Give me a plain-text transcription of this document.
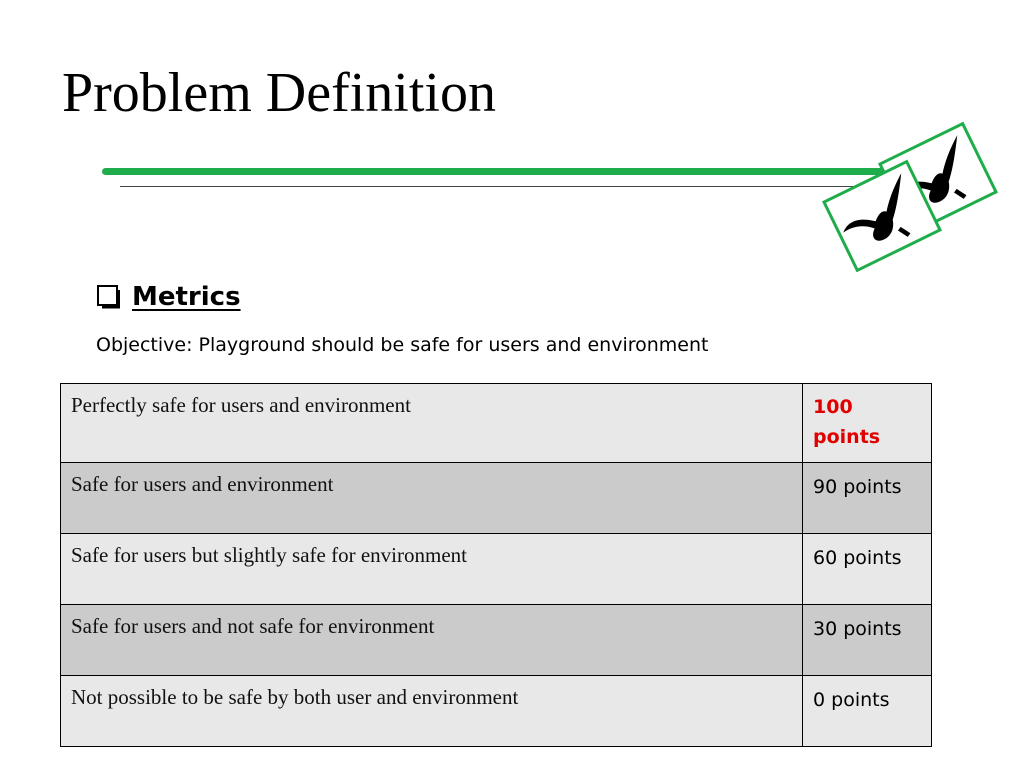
Problem Definition
Metrics
Objective: Playground should be safe for users and environment
Perfectly safe for users and environment	100 points
Safe for users and environment	90 points
Safe for users but slightly safe for environment	60 points
Safe for users and not safe for environment	30 points
Not possible to be safe by both user and environment	0 points
